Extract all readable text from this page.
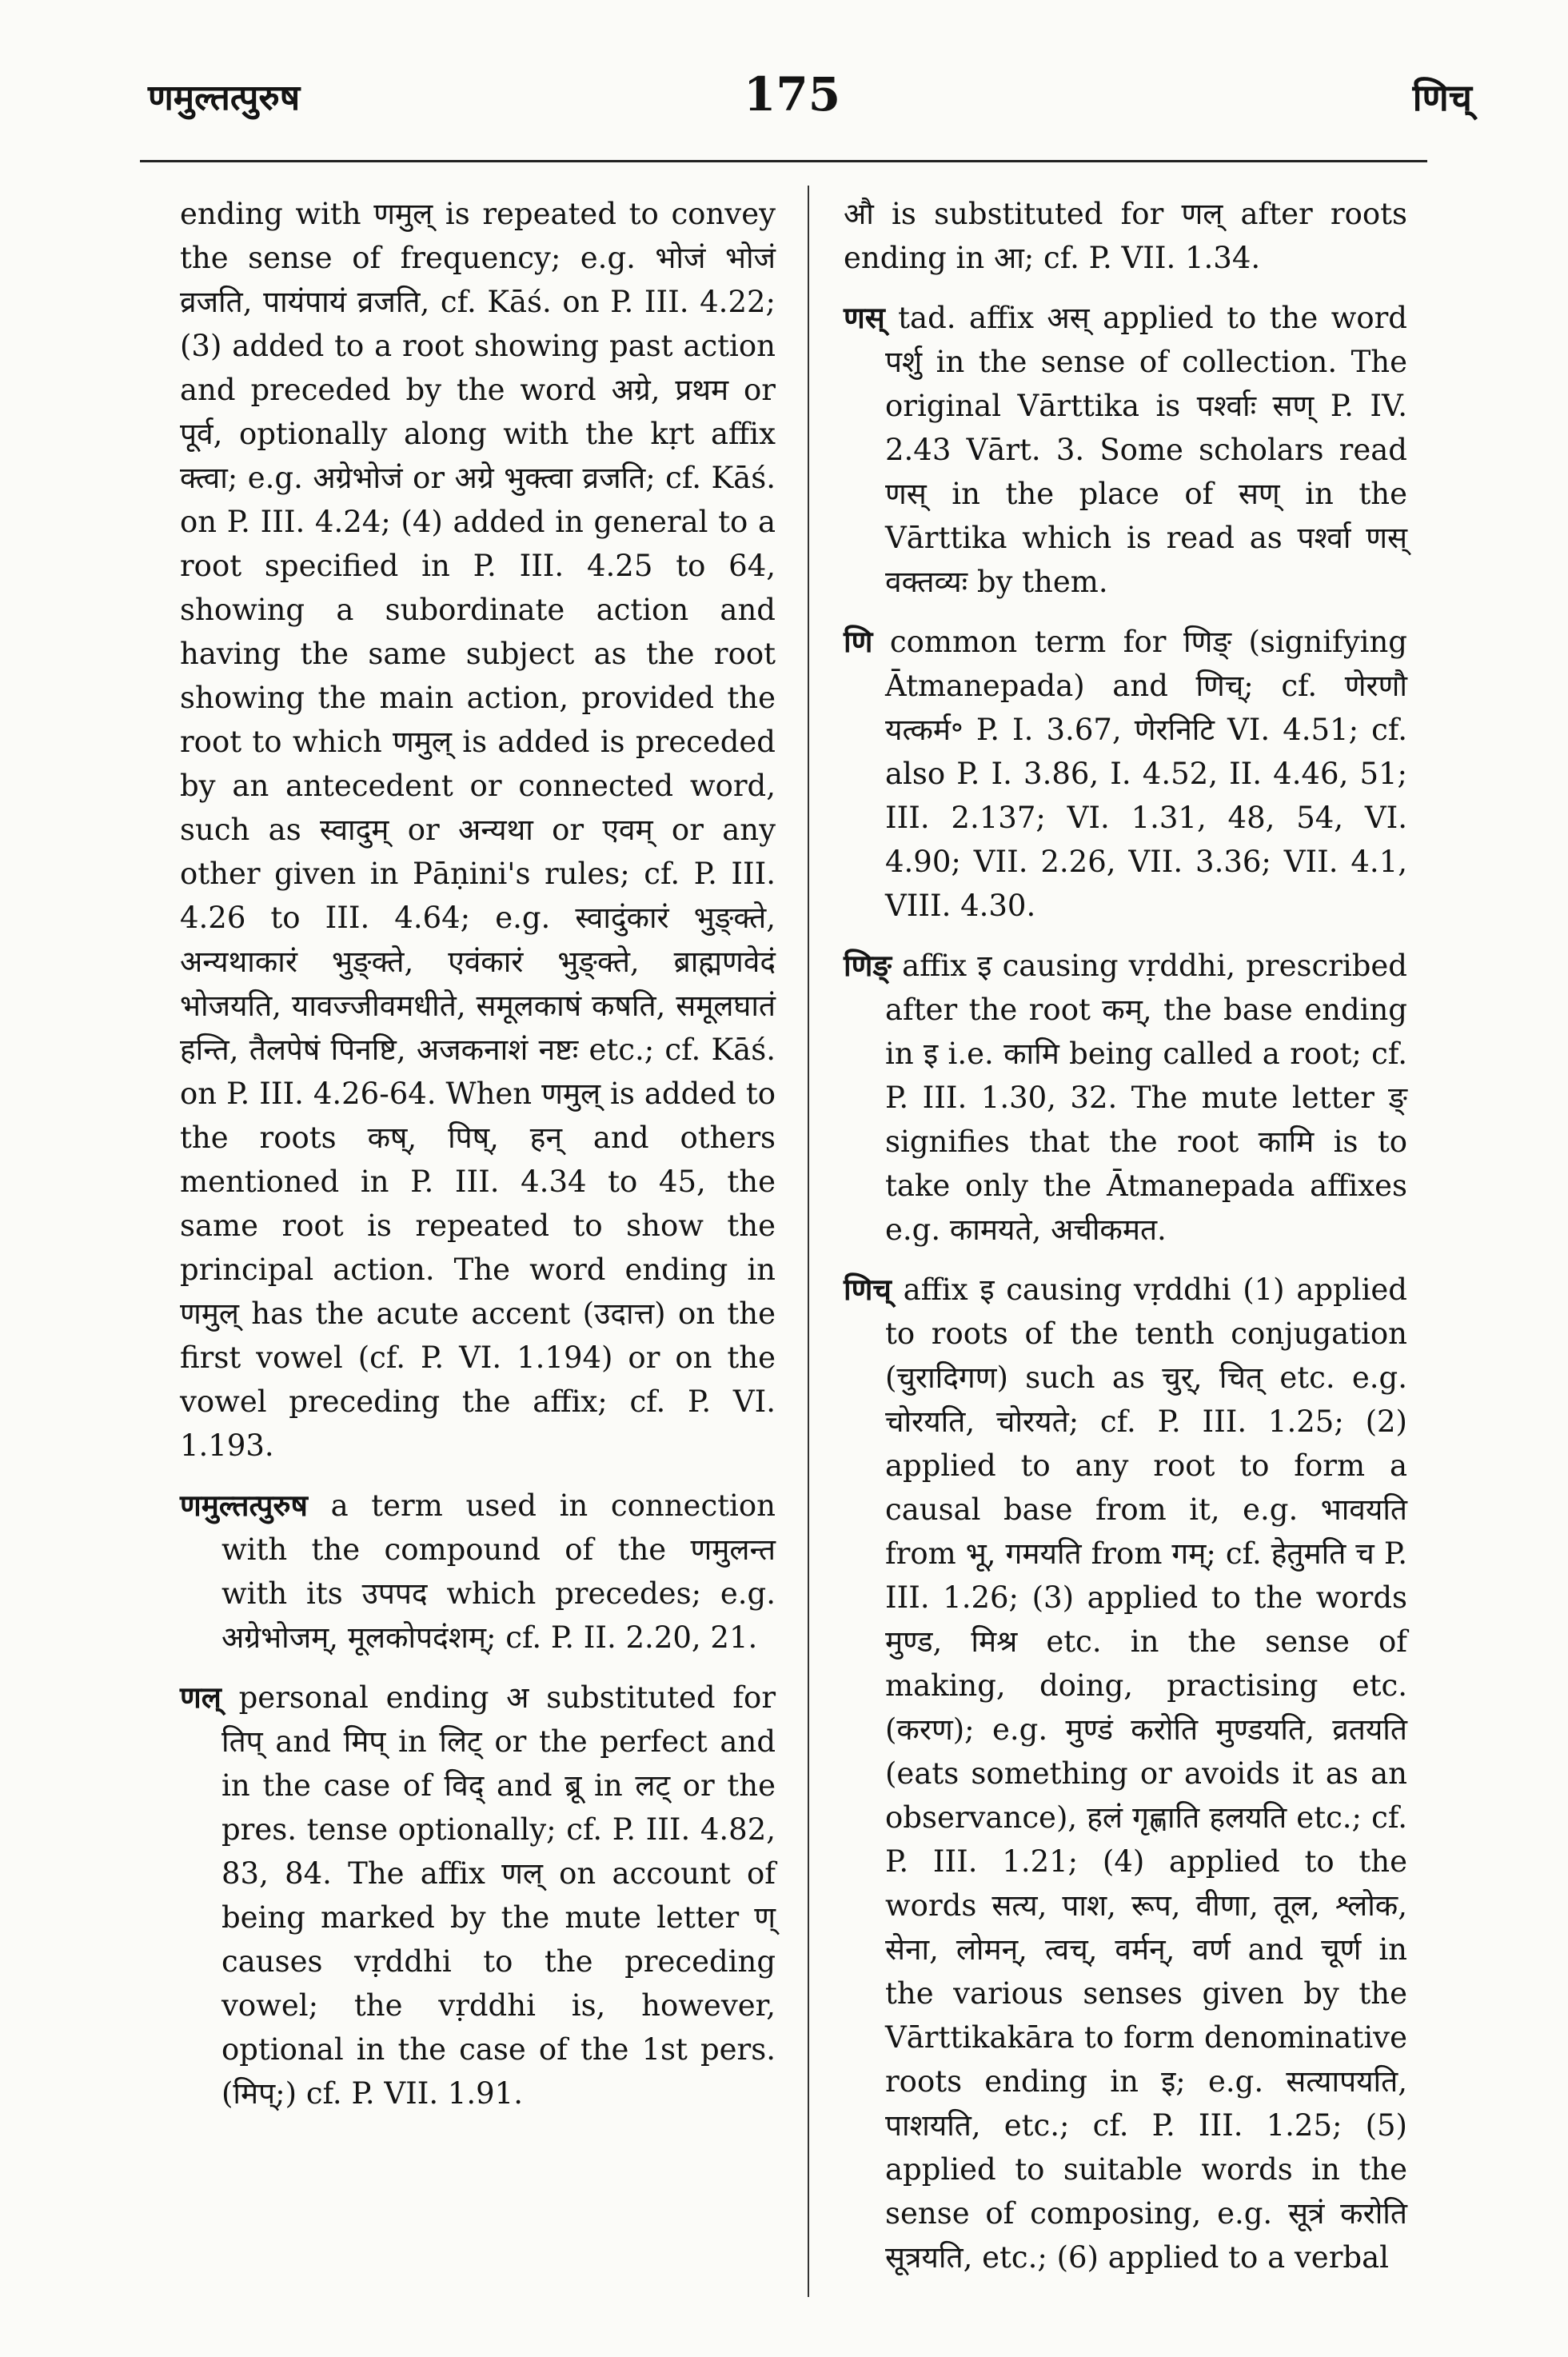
णमुल्तत्पुरुष	175	णिच्

ending with णमुल् is repeated to convey the sense of frequency; e.g. भोजं भोजं व्रजति, पायंपायं व्रजति, cf. Kāś. on P. III. 4.22; (3) added to a root showing past action and preceded by the word अग्रे, प्रथम or पूर्व, optionally along with the kṛt affix क्त्वा; e.g. अग्रेभोजं or अग्रे भुक्त्वा व्रजति; cf. Kāś. on P. III. 4.24; (4) added in general to a root specified in P. III. 4.25 to 64, showing a subordinate action and having the same subject as the root showing the main action, provided the root to which णमुल् is added is preceded by an antecedent or connected word, such as स्वादुम् or अन्यथा or एवम् or any other given in Pāṇini's rules; cf. P. III. 4.26 to III. 4.64; e.g. स्वादुंकारं भुङ्क्ते, अन्यथाकारं भुङ्क्ते, एवंकारं भुङ्क्ते, ब्राह्मणवेदं भोजयति, यावज्जीवमधीते, समूलकाषं कषति, समूलघातं हन्ति, तैलपेषं पिनष्टि, अजकनाशं नष्टः etc.; cf. Kāś. on P. III. 4.26-64. When णमुल् is added to the roots कष्, पिष्, हन् and others mentioned in P. III. 4.34 to 45, the same root is repeated to show the principal action. The word ending in णमुल् has the acute accent (उदात्त) on the first vowel (cf. P. VI. 1.194) or on the vowel preceding the affix; cf. P. VI. 1.193.

णमुल्तत्पुरुष a term used in connection with the compound of the णमुलन्त with its उपपद which precedes; e.g. अग्रेभोजम्, मूलकोपदंशम्; cf. P. II. 2.20, 21.

णल् personal ending अ substituted for तिप् and मिप् in लिट् or the perfect and in the case of विद् and ब्रू in लट् or the pres. tense optionally; cf. P. III. 4.82, 83, 84. The affix णल् on account of being marked by the mute letter ण् causes vṛddhi to the preceding vowel; the vṛddhi is, however, optional in the case of the 1st pers. (मिप्;) cf. P. VII. 1.91.

औ is substituted for णल् after roots ending in आ; cf. P. VII. 1.34.

णस् tad. affix अस् applied to the word पर्शु in the sense of collection. The original Vārttika is पर्श्वाः सण् P. IV. 2.43 Vārt. 3. Some scholars read णस् in the place of सण् in the Vārttika which is read as पर्श्वा णस् वक्तव्यः by them.

णि common term for णिङ् (signifying Ātmanepada) and णिच्; cf. णेरणौ यत्कर्म॰ P. I. 3.67, णेरनिटि VI. 4.51; cf. also P. I. 3.86, I. 4.52, II. 4.46, 51; III. 2.137; VI. 1.31, 48, 54, VI. 4.90; VII. 2.26, VII. 3.36; VII. 4.1, VIII. 4.30.

णिङ् affix इ causing vṛddhi, prescribed after the root कम्, the base ending in इ i.e. कामि being called a root; cf. P. III. 1.30, 32. The mute letter ङ् signifies that the root कामि is to take only the Ātmanepada affixes e.g. कामयते, अचीकमत.

णिच् affix इ causing vṛddhi (1) applied to roots of the tenth conjugation (चुरादिगण) such as चुर्, चित् etc. e.g. चोरयति, चोरयते; cf. P. III. 1.25; (2) applied to any root to form a causal base from it, e.g. भावयति from भू, गमयति from गम्; cf. हेतुमति च P. III. 1.26; (3) applied to the words मुण्ड, मिश्र etc. in the sense of making, doing, practising etc. (करण); e.g. मुण्डं करोति मुण्डयति, व्रतयति (eats something or avoids it as an observance), हलं गृह्णाति हलयति etc.; cf. P. III. 1.21; (4) applied to the words सत्य, पाश, रूप, वीणा, तूल, श्लोक, सेना, लोमन्, त्वच्, वर्मन्, वर्ण and चूर्ण in the various senses given by the Vārttikakāra to form denominative roots ending in इ; e.g. सत्यापयति, पाशयति, etc.; cf. P. III. 1.25; (5) applied to suitable words in the sense of composing, e.g. सूत्रं करोति सूत्रयति, etc.; (6) applied to a verbal
